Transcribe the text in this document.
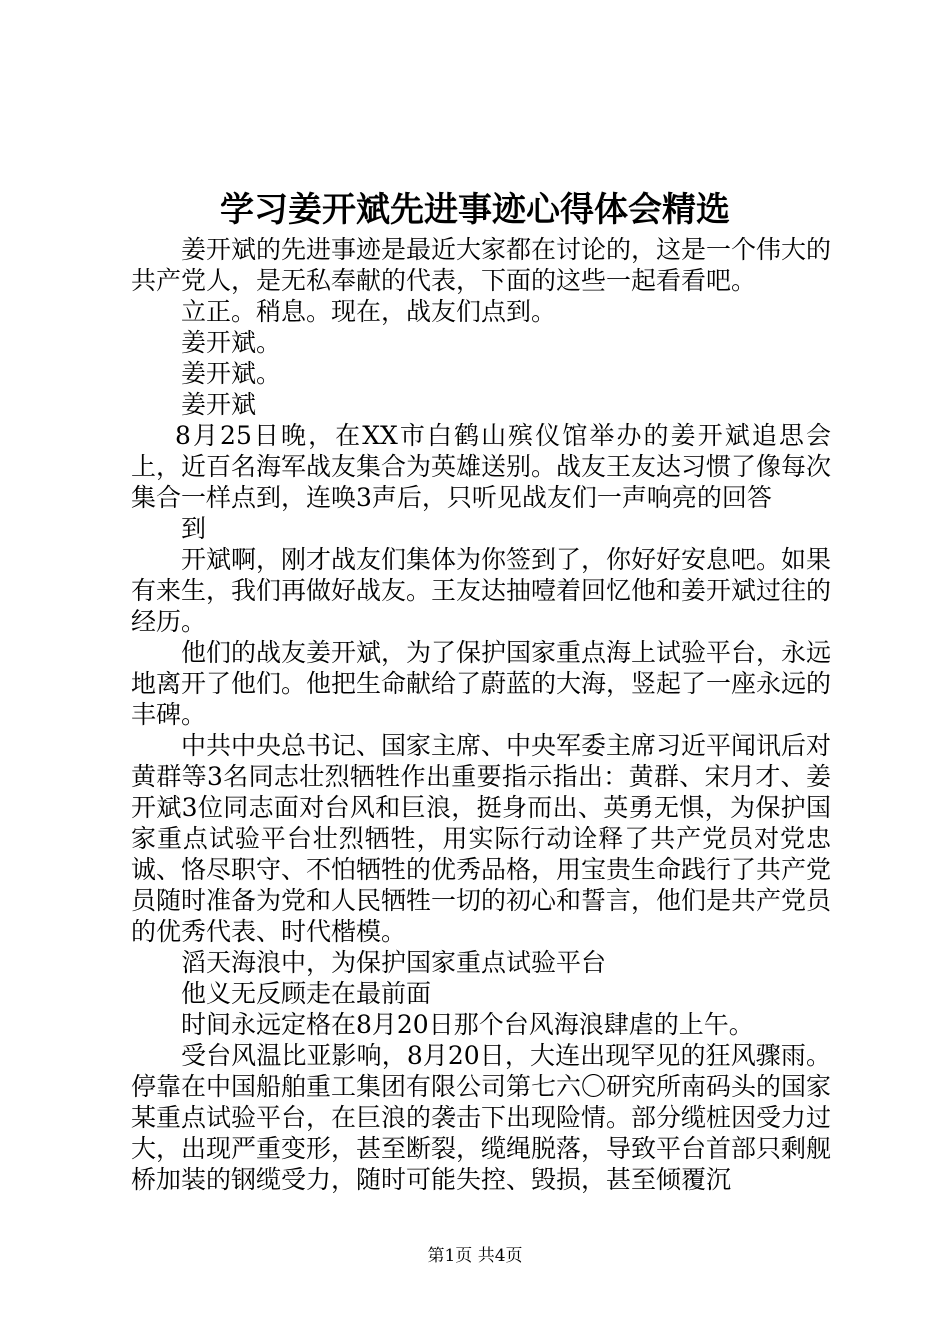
学习姜开斌先进事迹心得体会精选

姜开斌的先进事迹是最近大家都在讨论的，这是一个伟大的共产党人，是无私奉献的代表，下面的这些一起看看吧。

立正。稍息。现在，战友们点到。

姜开斌。

姜开斌。

姜开斌

8月25日晚，在XX市白鹤山殡仪馆举办的姜开斌追思会上，近百名海军战友集合为英雄送别。战友王友达习惯了像每次集合一样点到，连唤3声后，只听见战友们一声响亮的回答

到

开斌啊，刚才战友们集体为你签到了，你好好安息吧。如果有来生，我们再做好战友。王友达抽噎着回忆他和姜开斌过往的经历。

他们的战友姜开斌，为了保护国家重点海上试验平台，永远地离开了他们。他把生命献给了蔚蓝的大海，竖起了一座永远的丰碑。

中共中央总书记、国家主席、中央军委主席习近平闻讯后对黄群等3名同志壮烈牺牲作出重要指示指出：黄群、宋月才、姜开斌3位同志面对台风和巨浪，挺身而出、英勇无惧，为保护国家重点试验平台壮烈牺牲，用实际行动诠释了共产党员对党忠诚、恪尽职守、不怕牺牲的优秀品格，用宝贵生命践行了共产党员随时准备为党和人民牺牲一切的初心和誓言，他们是共产党员的优秀代表、时代楷模。

滔天海浪中，为保护国家重点试验平台

他义无反顾走在最前面

时间永远定格在8月20日那个台风海浪肆虐的上午。

受台风温比亚影响，8月20日，大连出现罕见的狂风骤雨。停靠在中国船舶重工集团有限公司第七六〇研究所南码头的国家某重点试验平台，在巨浪的袭击下出现险情。部分缆桩因受力过大，出现严重变形，甚至断裂，缆绳脱落，导致平台首部只剩舰桥加装的钢缆受力，随时可能失控、毁损，甚至倾覆沉

第1页 共4页
